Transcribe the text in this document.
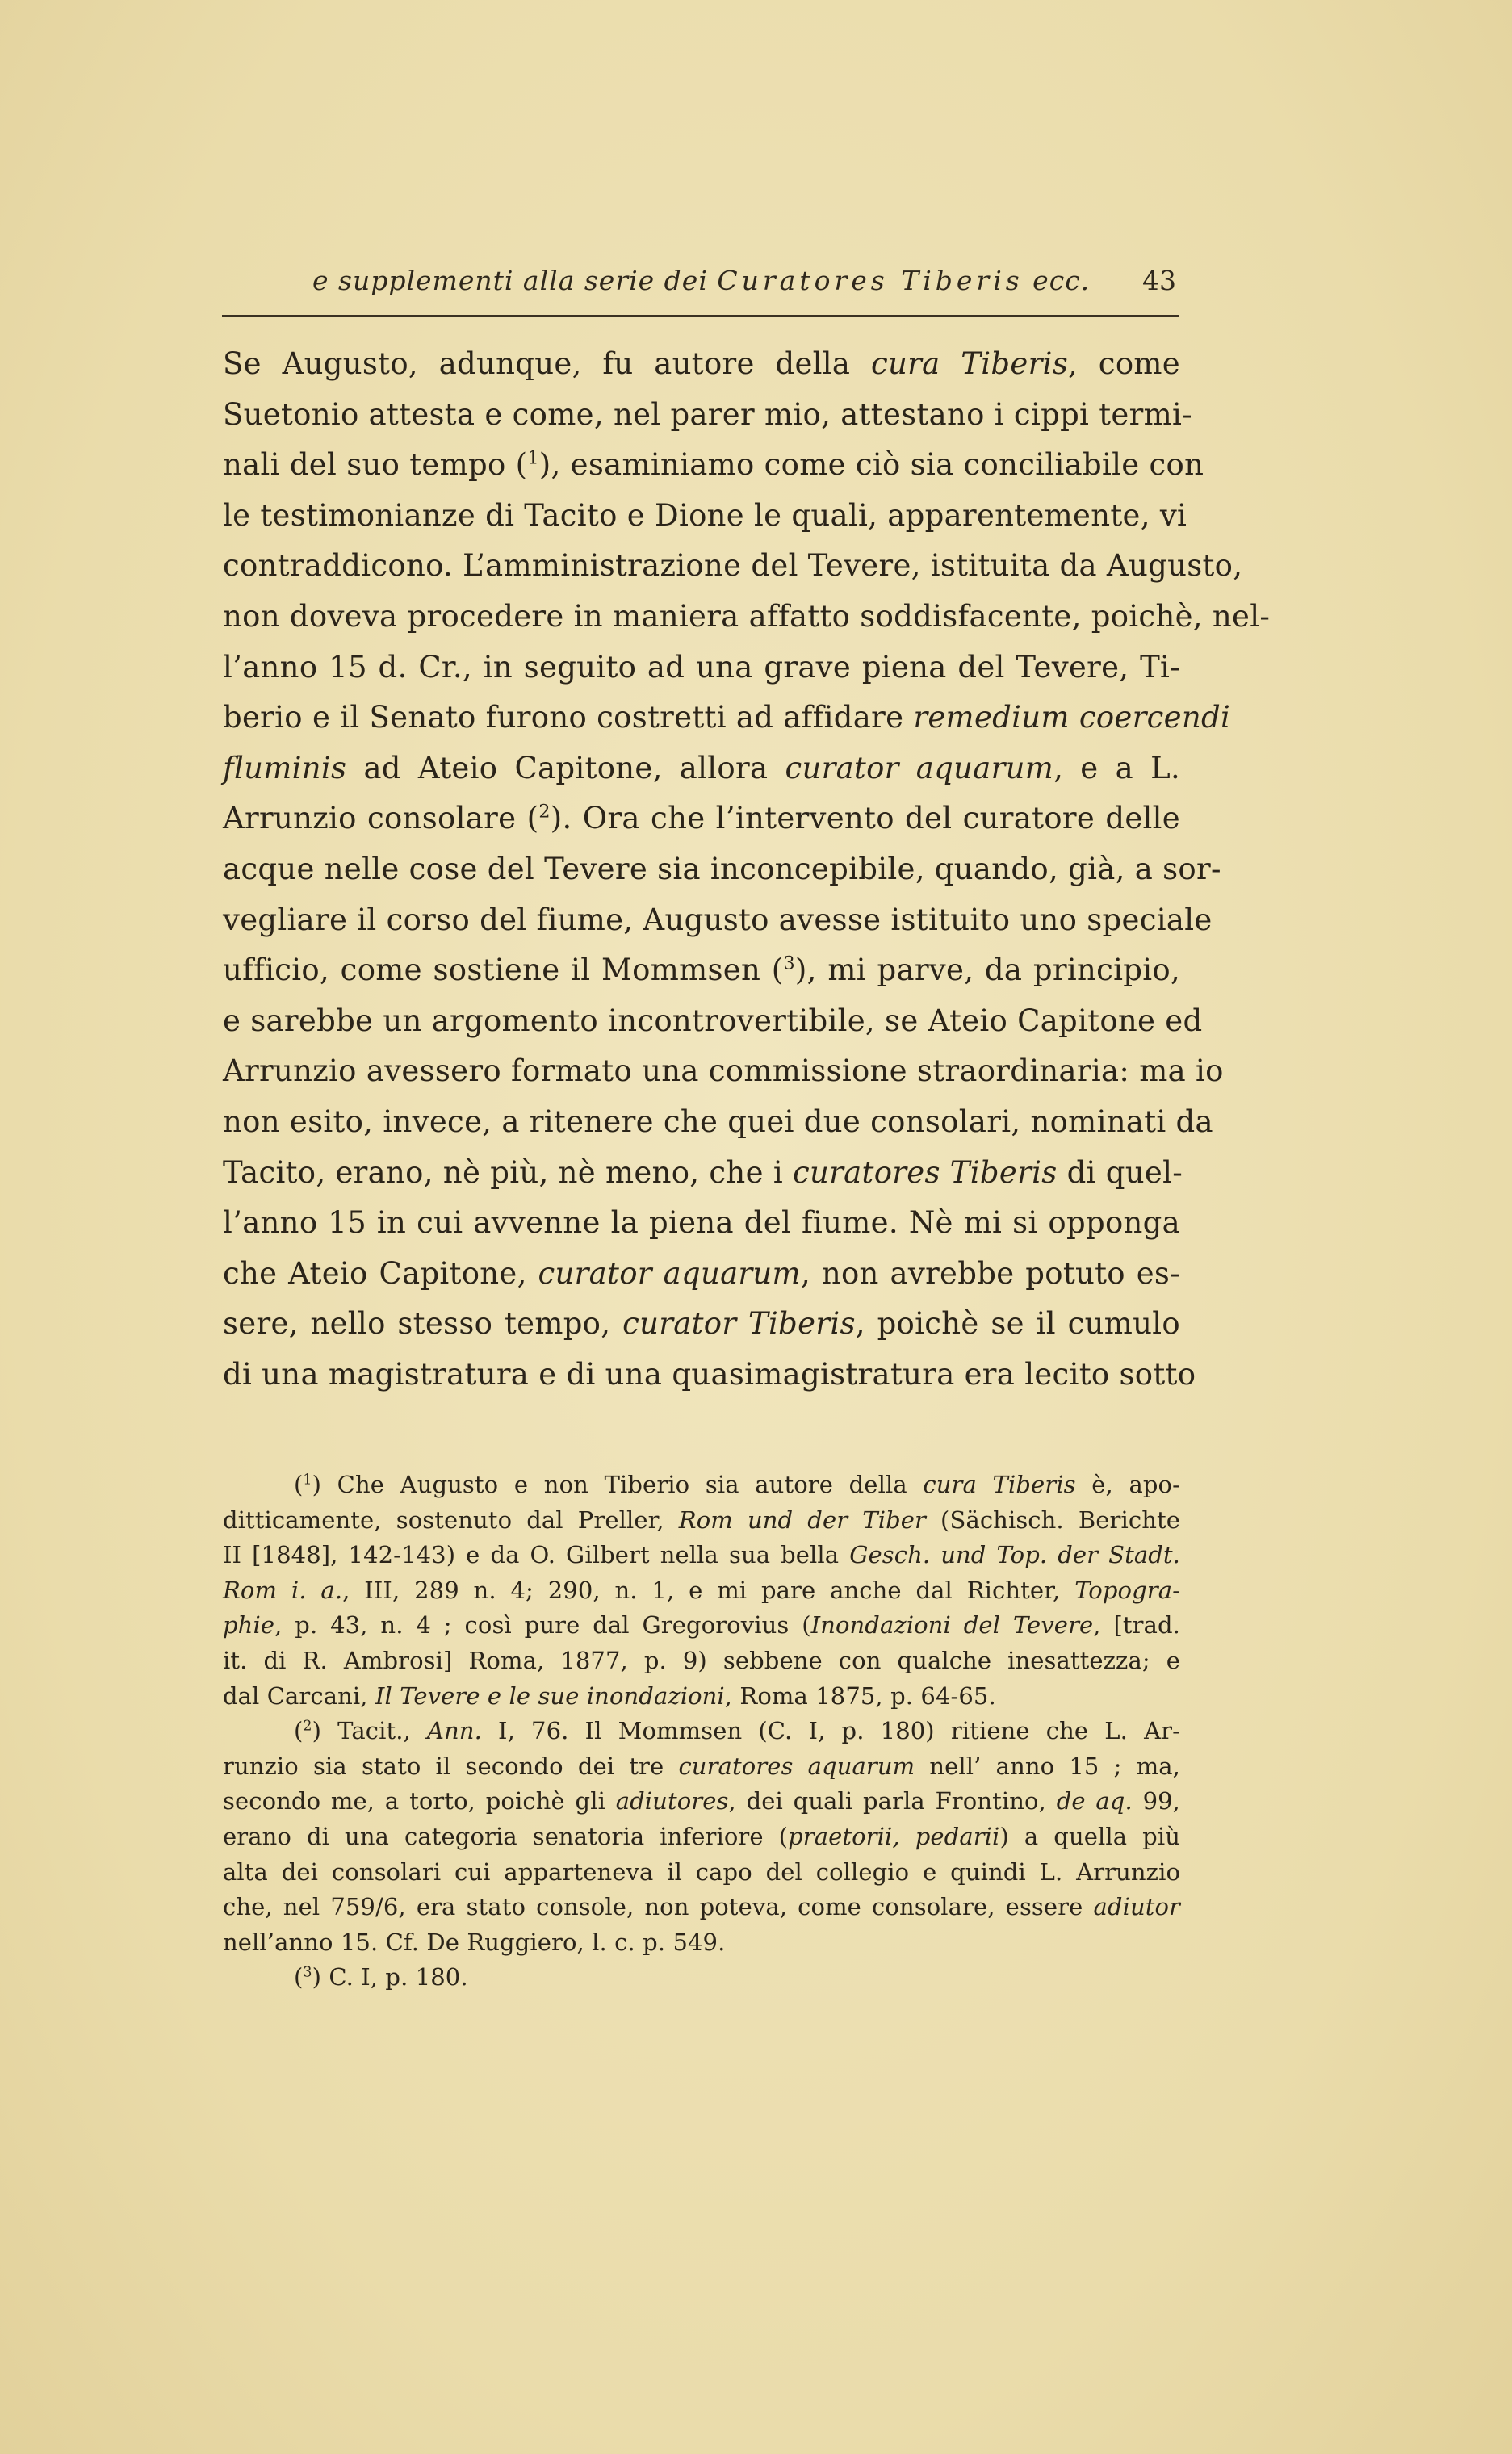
e supplementi alla serie dei Curatores Tiberis ecc. 43
Se Augusto, adunque, fu autore della cura Tiberis, come
Suetonio attesta e come, nel parer mio, attestano i cippi termi-
nali del suo tempo ($^1$), esaminiamo come ciò sia conciliabile con
le testimonianze di Tacito e Dione le quali, apparentemente, vi
contraddicono. L’amministrazione del Tevere, istituita da Augusto,
non doveva procedere in maniera affatto soddisfacente, poichè, nel-
l’anno 15 d. Cr., in seguito ad una grave piena del Tevere, Ti-
berio e il Senato furono costretti ad affidare remedium coercendi
fluminis ad Ateio Capitone, allora curator aquarum, e a L.
Arrunzio consolare ($^2$). Ora che l’intervento del curatore delle
acque nelle cose del Tevere sia inconcepibile, quando, già, a sor-
vegliare il corso del fiume, Augusto avesse istituito uno speciale
ufficio, come sostiene il Mommsen ($^3$), mi parve, da principio,
e sarebbe un argomento incontrovertibile, se Ateio Capitone ed
Arrunzio avessero formato una commissione straordinaria: ma io
non esito, invece, a ritenere che quei due consolari, nominati da
Tacito, erano, nè più, nè meno, che i curatores Tiberis di quel-
l’anno 15 in cui avvenne la piena del fiume. Nè mi si opponga
che Ateio Capitone, curator aquarum, non avrebbe potuto es-
sere, nello stesso tempo, curator Tiberis, poichè se il cumulo
di una magistratura e di una quasimagistratura era lecito sotto
($^1$) Che Augusto e non Tiberio sia autore della cura Tiberis è, apo-
ditticamente, sostenuto dal Preller, Rom und der Tiber (Sächisch. Berichte
II [1848], 142-143) e da O. Gilbert nella sua bella Gesch. und Top. der Stadt.
Rom i. a., III, 289 n. 4; 290, n. 1, e mi pare anche dal Richter, Topogra-
phie, p. 43, n. 4 ; così pure dal Gregorovius (Inondazioni del Tevere, [trad.
it. di R. Ambrosi] Roma, 1877, p. 9) sebbene con qualche inesattezza; e
dal Carcani, Il Tevere e le sue inondazioni, Roma 1875, p. 64-65.
($^2$) Tacit., Ann. I, 76. Il Mommsen (C. I, p. 180) ritiene che L. Ar-
runzio sia stato il secondo dei tre curatores aquarum nell’ anno 15 ; ma,
secondo me, a torto, poichè gli adiutores, dei quali parla Frontino, de aq. 99,
erano di una categoria senatoria inferiore (praetorii, pedarii) a quella più
alta dei consolari cui apparteneva il capo del collegio e quindi L. Arrunzio
che, nel 759/6, era stato console, non poteva, come consolare, essere adiutor
nell’anno 15. Cf. De Ruggiero, l. c. p. 549.
($^3$) C. I, p. 180.
